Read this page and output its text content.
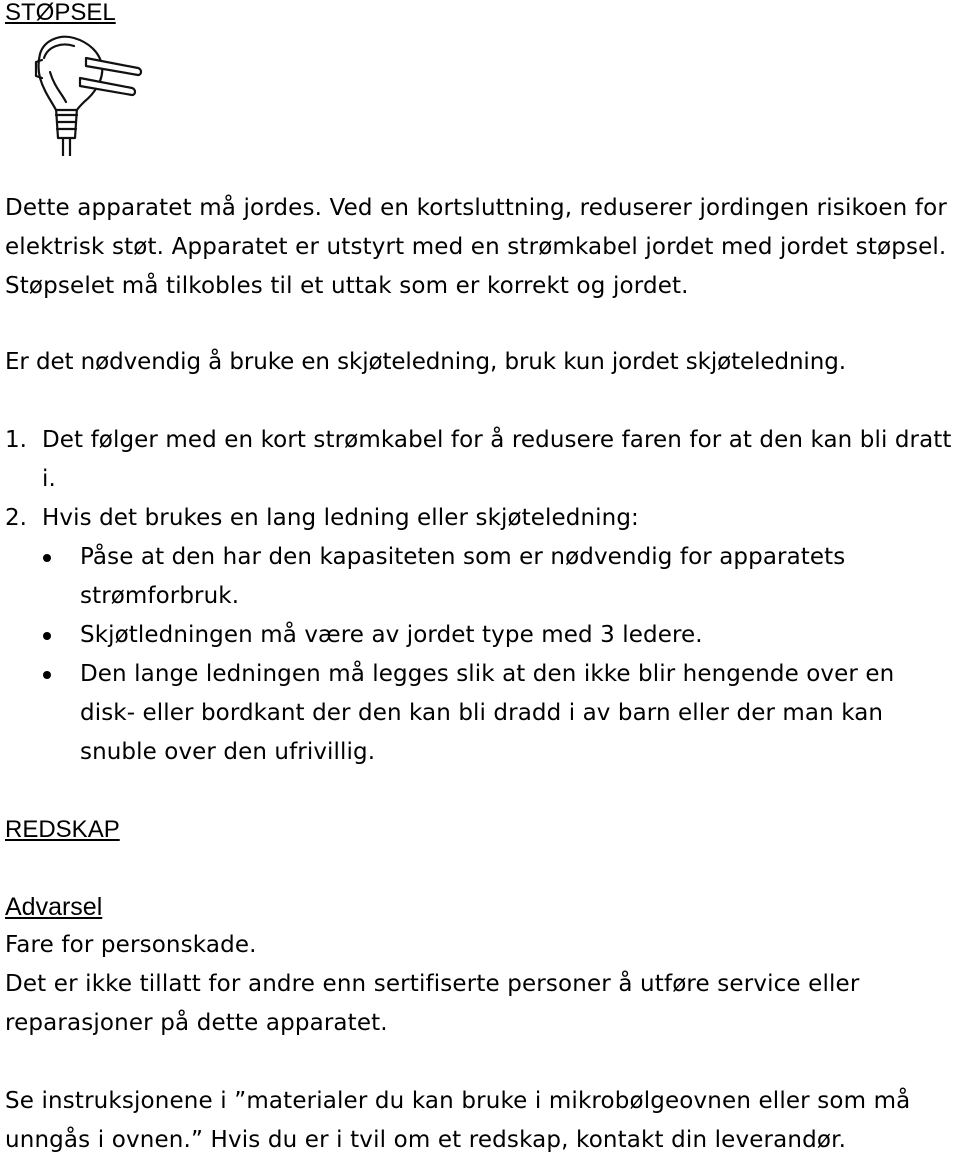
STØPSEL

Dette apparatet må jordes. Ved en kortsluttning, reduserer jordingen risikoen for elektrisk støt. Apparatet er utstyrt med en strømkabel jordet med jordet støpsel. Støpselet må tilkobles til et uttak som er korrekt og jordet.

Er det nødvendig å bruke en skjøteledning, bruk kun jordet skjøteledning.

1. Det følger med en kort strømkabel for å redusere faren for at den kan bli dratt i.
2. Hvis det brukes en lang ledning eller skjøteledning:
Påse at den har den kapasiteten som er nødvendig for apparatets strømforbruk.
Skjøtledningen må være av jordet type med 3 ledere.
Den lange ledningen må legges slik at den ikke blir hengende over en disk- eller bordkant der den kan bli dradd i av barn eller der man kan snuble over den ufrivillig.
REDSKAP
Advarsel

Fare for personskade.

Det er ikke tillatt for andre enn sertifiserte personer å utføre service eller reparasjoner på dette apparatet.

Se instruksjonene i ”materialer du kan bruke i mikrobølgeovnen eller som må unngås i ovnen.” Hvis du er i tvil om et redskap, kontakt din leverandør.
